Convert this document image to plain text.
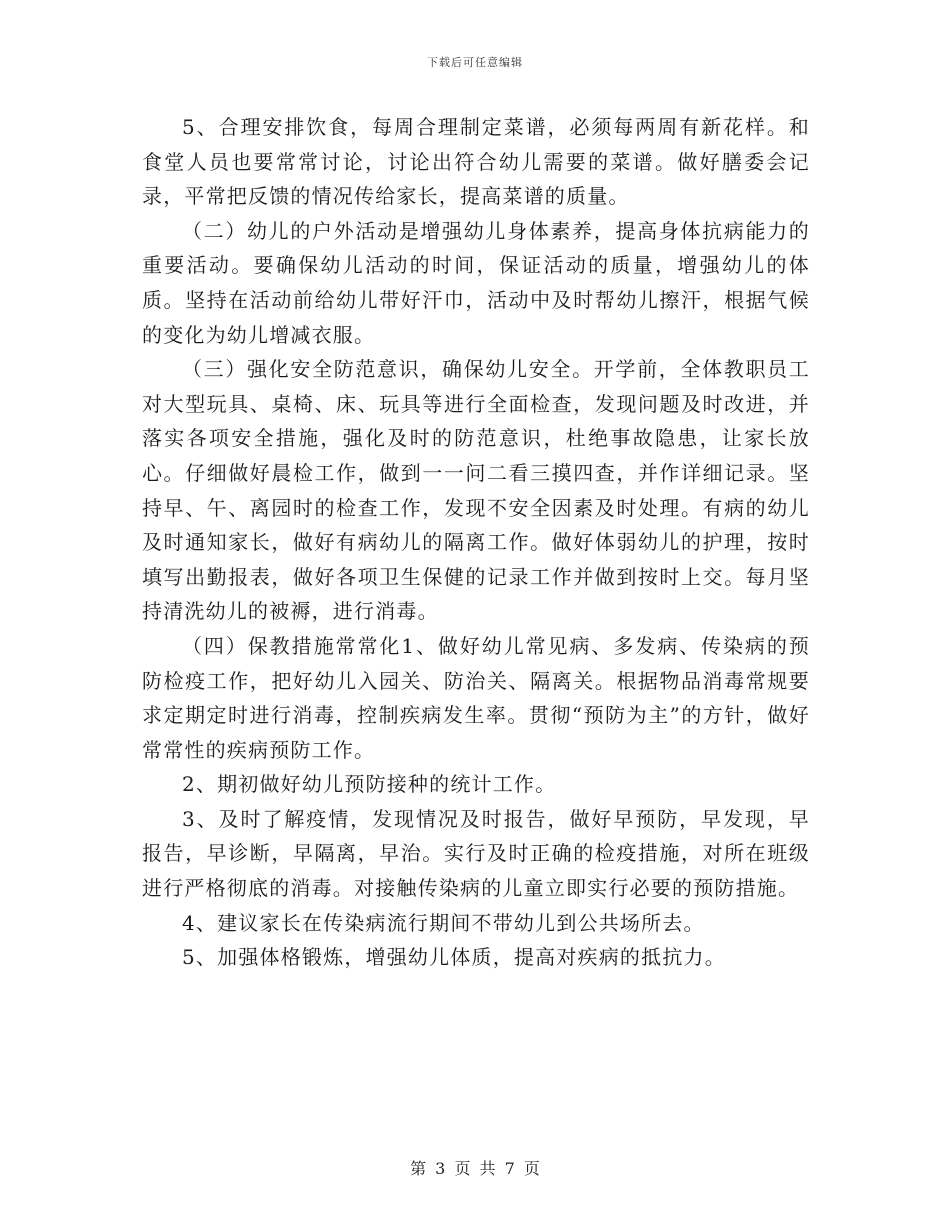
下载后可任意编辑

5、合理安排饮食，每周合理制定菜谱，必须每两周有新花样。和食堂人员也要常常讨论，讨论出符合幼儿需要的菜谱。做好膳委会记录，平常把反馈的情况传给家长，提高菜谱的质量。

（二）幼儿的户外活动是增强幼儿身体素养，提高身体抗病能力的重要活动。要确保幼儿活动的时间，保证活动的质量，增强幼儿的体质。坚持在活动前给幼儿带好汗巾，活动中及时帮幼儿擦汗，根据气候的变化为幼儿增减衣服。

（三）强化安全防范意识，确保幼儿安全。开学前，全体教职员工对大型玩具、桌椅、床、玩具等进行全面检查，发现问题及时改进，并落实各项安全措施，强化及时的防范意识，杜绝事故隐患，让家长放心。仔细做好晨检工作，做到一一问二看三摸四查，并作详细记录。坚持早、午、离园时的检查工作，发现不安全因素及时处理。有病的幼儿及时通知家长，做好有病幼儿的隔离工作。做好体弱幼儿的护理，按时填写出勤报表，做好各项卫生保健的记录工作并做到按时上交。每月坚持清洗幼儿的被褥，进行消毒。

（四）保教措施常常化1、做好幼儿常见病、多发病、传染病的预防检疫工作，把好幼儿入园关、防治关、隔离关。根据物品消毒常规要求定期定时进行消毒，控制疾病发生率。贯彻“预防为主”的方针，做好常常性的疾病预防工作。

2、期初做好幼儿预防接种的统计工作。

3、及时了解疫情，发现情况及时报告，做好早预防，早发现，早报告，早诊断，早隔离，早治。实行及时正确的检疫措施，对所在班级进行严格彻底的消毒。对接触传染病的儿童立即实行必要的预防措施。

4、建议家长在传染病流行期间不带幼儿到公共场所去。

5、加强体格锻炼，增强幼儿体质，提高对疾病的抵抗力。

第 3 页 共 7 页
